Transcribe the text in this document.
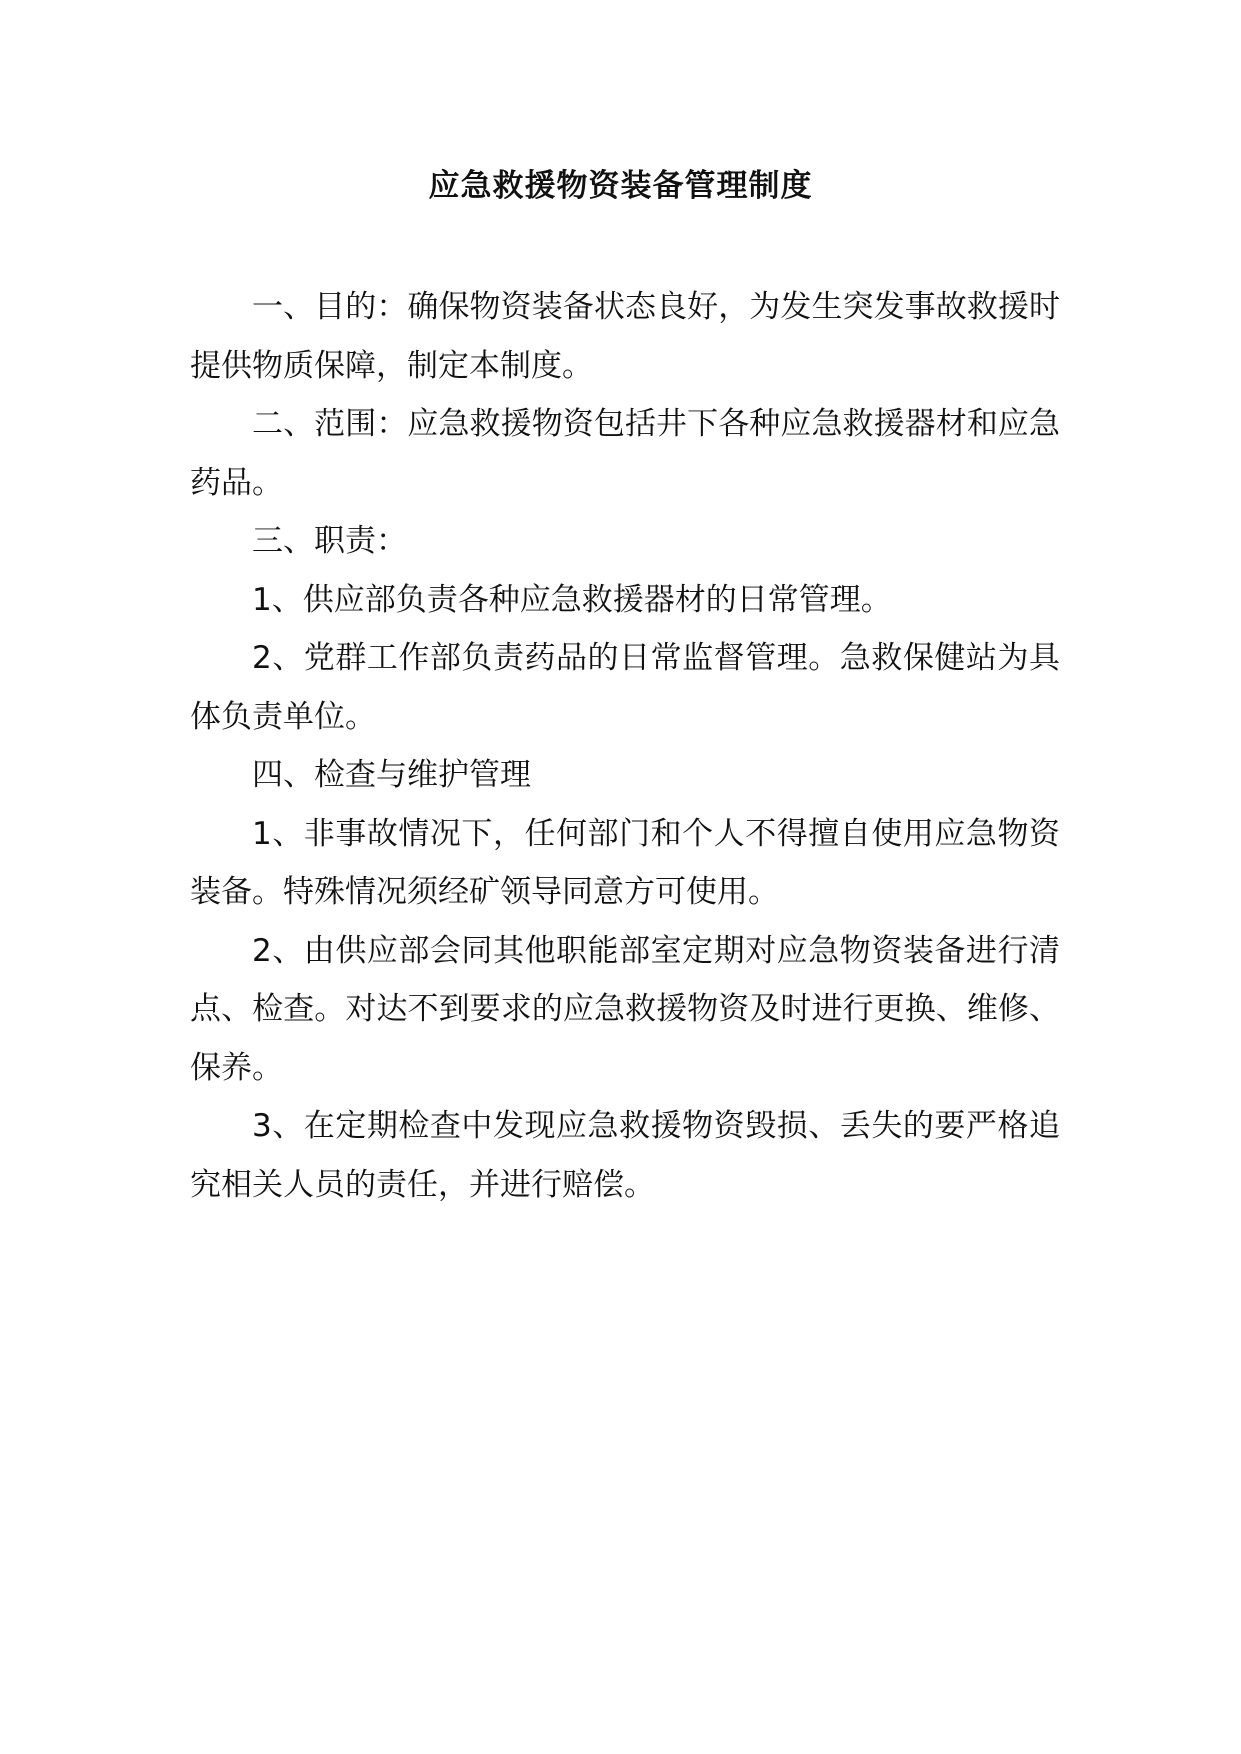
应急救援物资装备管理制度

一、目的：确保物资装备状态良好，为发生突发事故救援时提供物质保障，制定本制度。

二、范围：应急救援物资包括井下各种应急救援器材和应急药品。

三、职责：

1、供应部负责各种应急救援器材的日常管理。

2、党群工作部负责药品的日常监督管理。急救保健站为具体负责单位。

四、检查与维护管理

1、非事故情况下，任何部门和个人不得擅自使用应急物资装备。特殊情况须经矿领导同意方可使用。

2、由供应部会同其他职能部室定期对应急物资装备进行清点、检查。对达不到要求的应急救援物资及时进行更换、维修、保养。

3、在定期检查中发现应急救援物资毁损、丢失的要严格追究相关人员的责任，并进行赔偿。
